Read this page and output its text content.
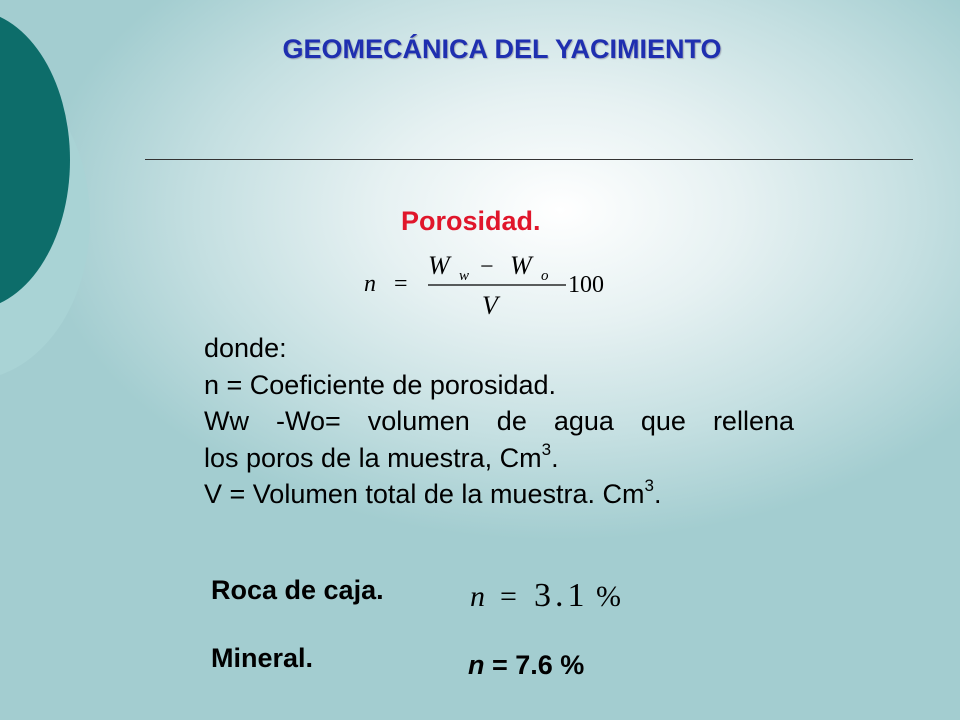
GEOMECÁNICA DEL YACIMIENTO
Porosidad.
n =
W w − W o
V
100
donde:
n = Coeficiente de porosidad.
Ww -Wo= volumen de agua que rellena
los poros de la muestra, Cm$^3$.
V = Volumen total de la muestra. Cm$^3$.
Roca de caja.	n = 3.1 %
Mineral.	n = 7.6 %
